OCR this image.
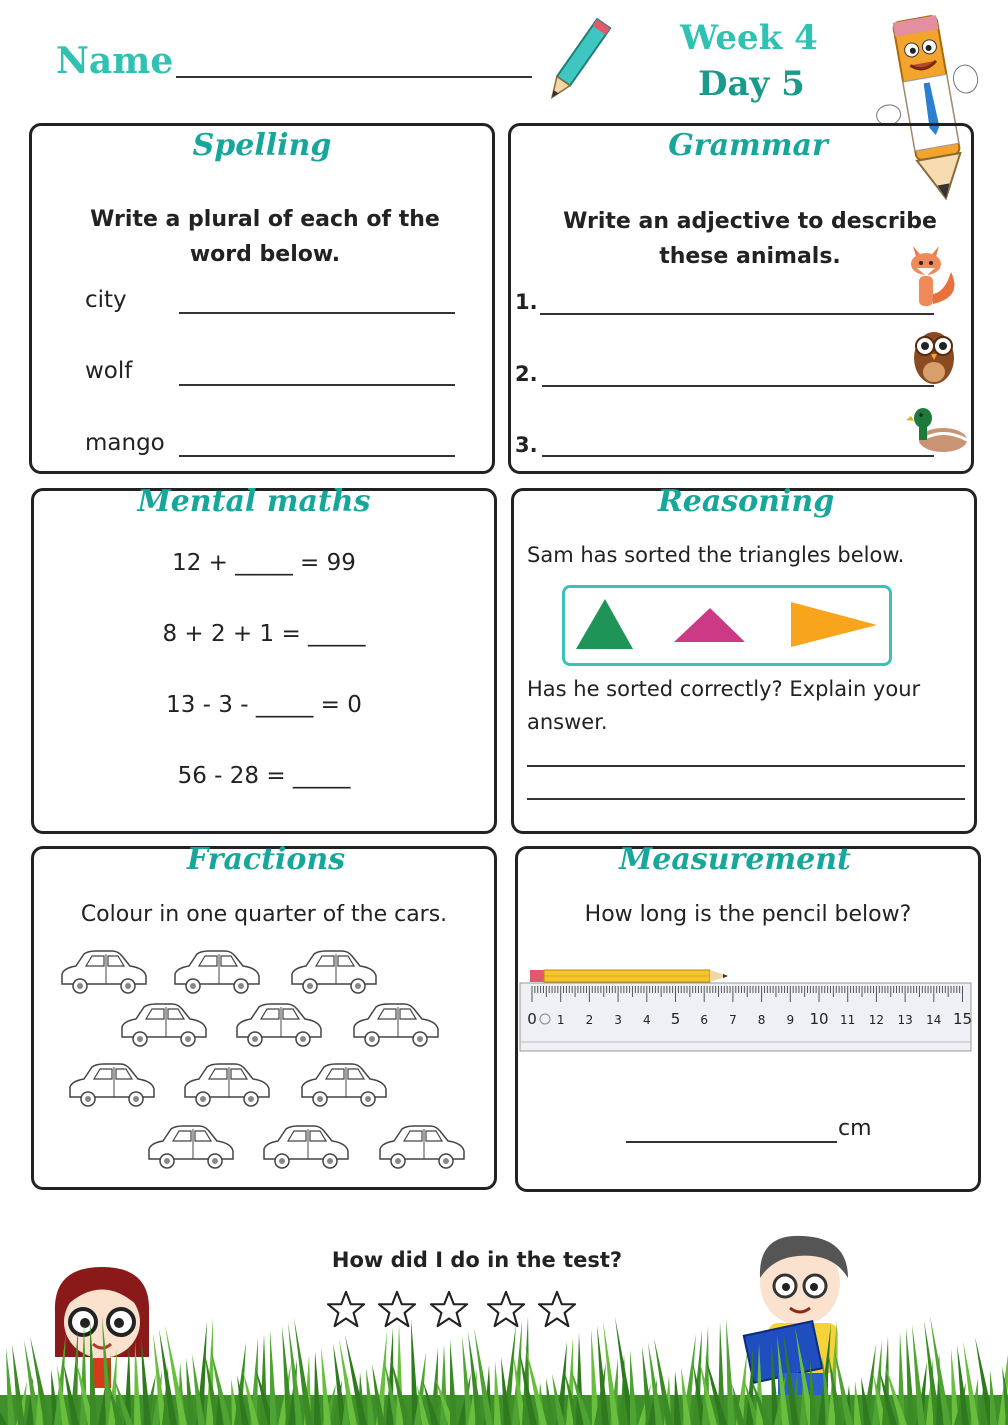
Name
Week 4
Day 5
Spelling
Write a plural of each of the word below.
city
wolf
mango
Grammar
Write an adjective to describe these animals.
1.
2.
3.
Mental maths
12 + _____ = 99
8 + 2 + 1 = _____
13 - 3 - _____ = 0
56 - 28 = _____
Reasoning
Sam has sorted the triangles below.
Has he sorted correctly? Explain your answer.
Fractions
Colour in one quarter of the cars.
Measurement
How long is the pencil below?
0 1 2 3 4 5 6 7 8 9 10 11 12 13 14 15
cm
How did I do in the test?
